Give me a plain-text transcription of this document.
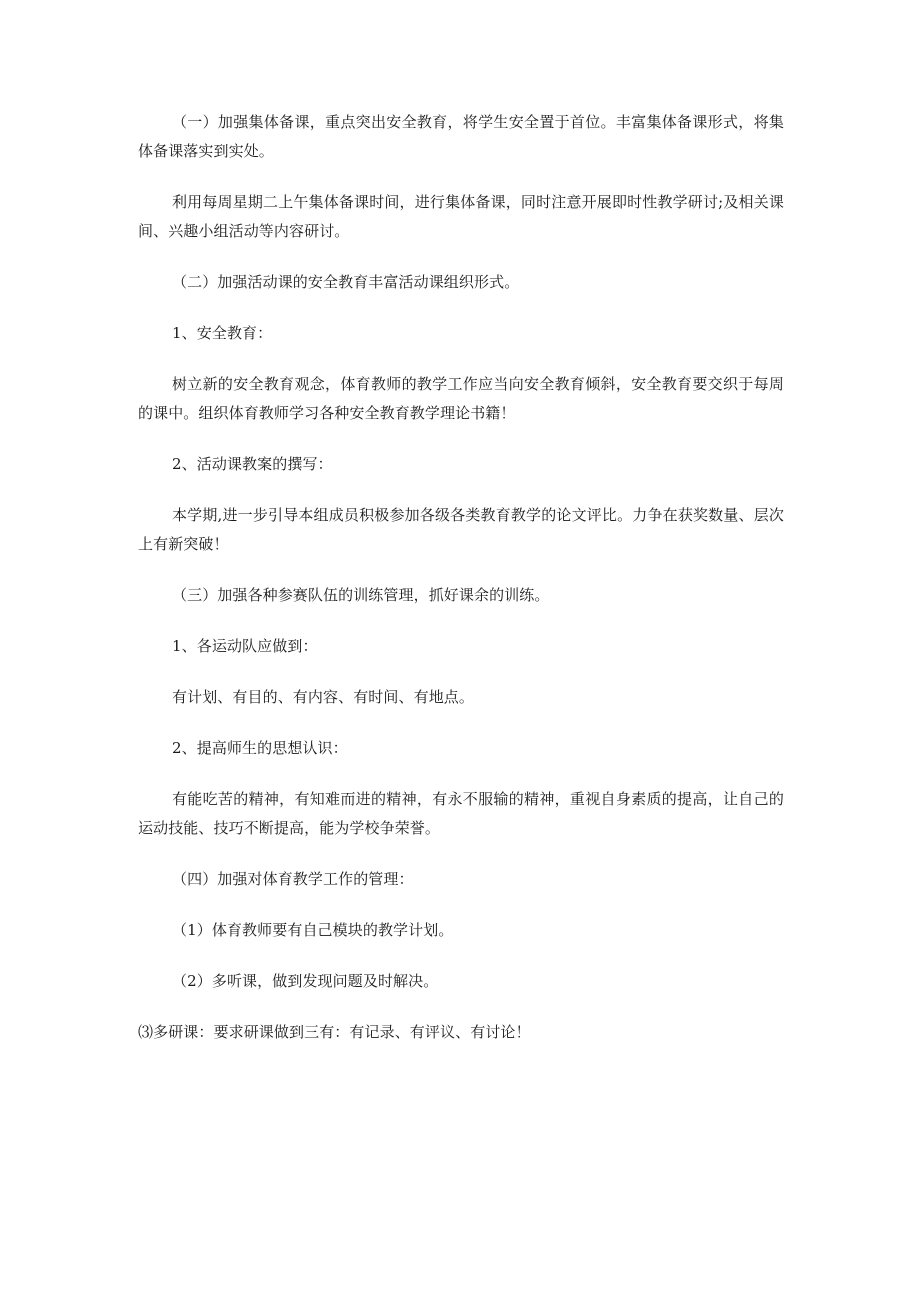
（一）加强集体备课，重点突出安全教育，将学生安全置于首位。丰富集体备课形式，将集体备课落实到实处。

利用每周星期二上午集体备课时间，进行集体备课，同时注意开展即时性教学研讨;及相关课间、兴趣小组活动等内容研讨。

（二）加强活动课的安全教育丰富活动课组织形式。

1、安全教育：

树立新的安全教育观念，体育教师的教学工作应当向安全教育倾斜，安全教育要交织于每周的课中。组织体育教师学习各种安全教育教学理论书籍！

2、活动课教案的撰写：

本学期,进一步引导本组成员积极参加各级各类教育教学的论文评比。力争在获奖数量、层次上有新突破！

（三）加强各种参赛队伍的训练管理，抓好课余的训练。

1、各运动队应做到：

有计划、有目的、有内容、有时间、有地点。

2、提高师生的思想认识：

有能吃苦的精神，有知难而进的精神，有永不服输的精神，重视自身素质的提高，让自己的运动技能、技巧不断提高，能为学校争荣誉。

（四）加强对体育教学工作的管理：

（1）体育教师要有自己模块的教学计划。

（2）多听课，做到发现问题及时解决。

⑶多研课：要求研课做到三有：有记录、有评议、有讨论！
